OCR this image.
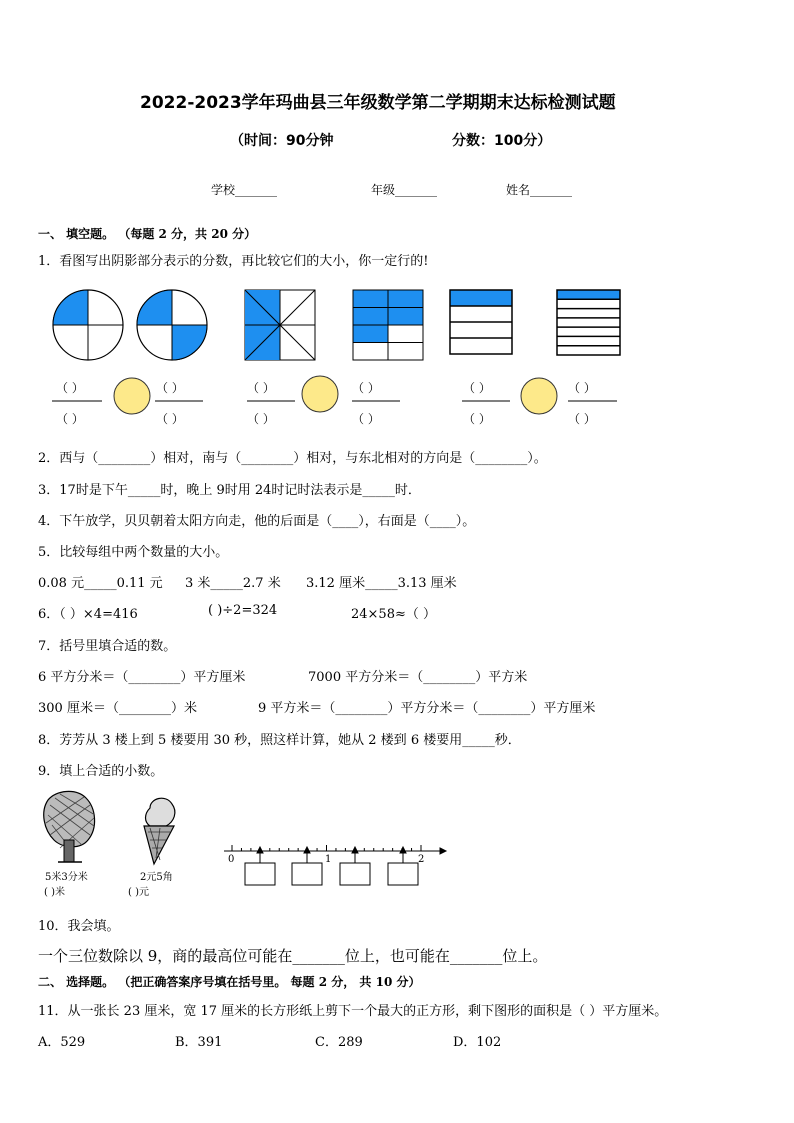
2022-2023学年玛曲县三年级数学第二学期期末达标检测试题
（时间：90分钟	分数：100分）
学校_______	年级_______	姓名_______
一、 填空题。 （每题 2 分，共 20 分）
1．看图写出阴影部分表示的分数，再比较它们的大小，你一定行的!
（ ）
（ ）
（ ）
（ ）
（ ）
（ ）
（ ）
（ ）
（ ）
（ ）
（ ）
（ ）
2．西与（________）相对，南与（________）相对，与东北相对的方向是（________）。
3．17时是下午_____时，晚上 9时用 24时记时法表示是_____时．
4．下午放学，贝贝朝着太阳方向走，他的后面是（____），右面是（____）。
5．比较每组中两个数量的大小。
0.08 元_____0.11 元 3 米_____2.7 米 3.12 厘米_____3.13 厘米
6．（ ）×4=416	( )÷2=324	24×58≈（ ）
7．括号里填合适的数。
6 平方分米＝（________）平方厘米	7000 平方分米＝（________）平方米
300 厘米＝（________）米	9 平方米＝（________）平方分米＝（________）平方厘米
8．芳芳从 3 楼上到 5 楼要用 30 秒，照这样计算，她从 2 楼到 6 楼要用_____秒．
9．填上合适的小数。
0	1	2
5米3分米
( )米
2元5角
( )元
10．我会填。
一个三位数除以 9，商的最高位可能在_______位上，也可能在_______位上。
二、 选择题。 （把正确答案序号填在括号里。 每题 2 分， 共 10 分）
11．从一张长 23 厘米，宽 17 厘米的长方形纸上剪下一个最大的正方形，剩下图形的面积是（ ）平方厘米。
A．529	B．391	C．289	D．102
